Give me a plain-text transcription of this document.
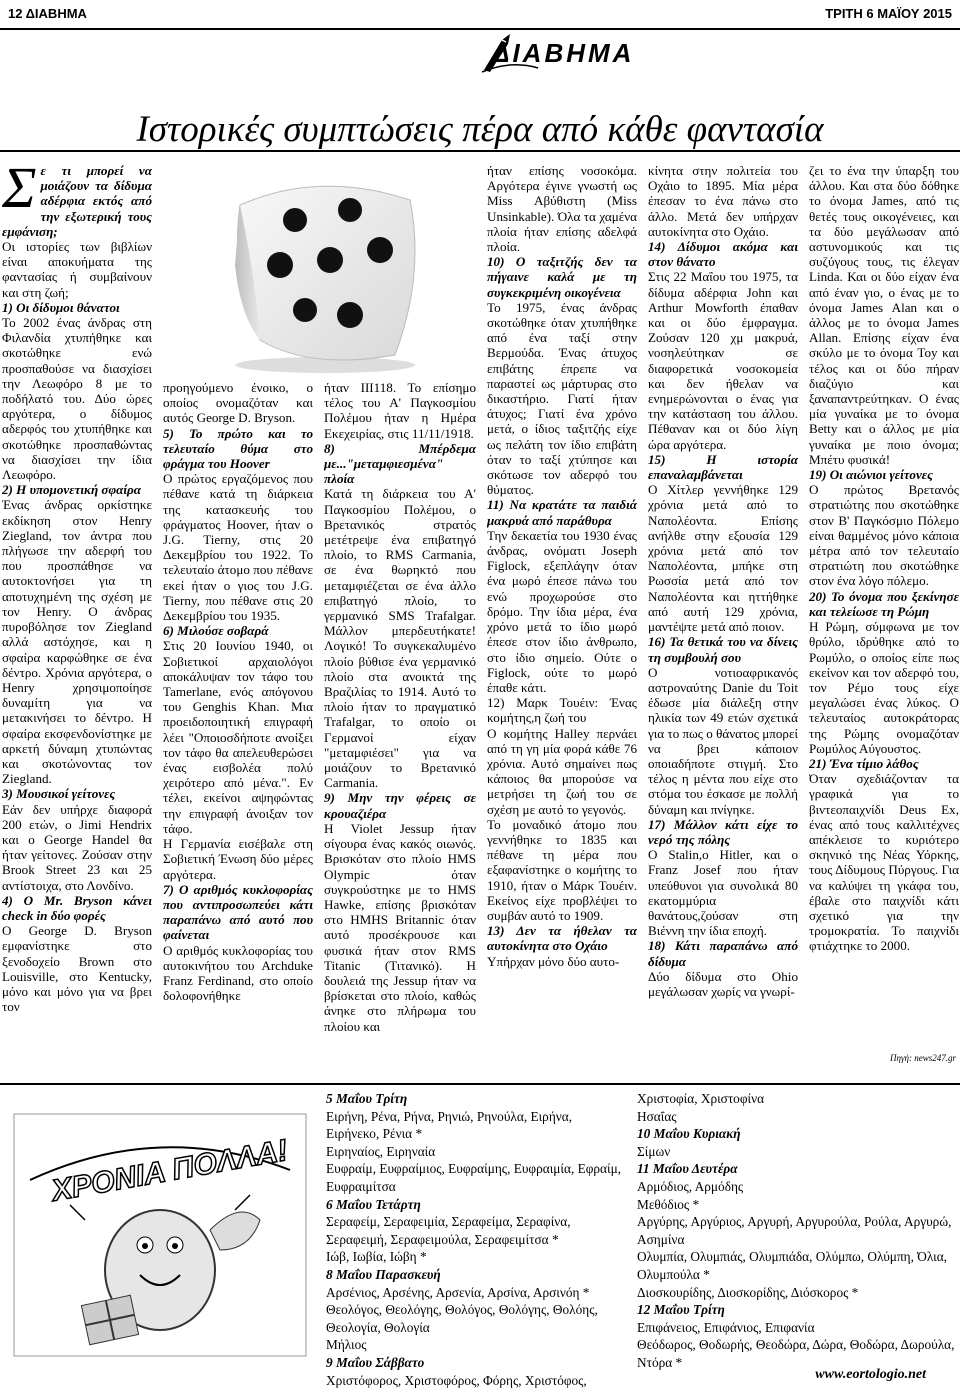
12 ΔΙΑΒΗΜΑ	ΤΡΙΤΗ 6 ΜΑΪΟΥ 2015
ΔΙΑΒΗΜΑ
Ιστορικές συμπτώσεις πέρα από κάθε φαντασία
Σ ε τι μπορεί να μοιάζουν τα δίδυμα αδέρφια εκτός από την εξωτερική τους εμφάνιση;

Οι ιστορίες των βιβλίων είναι αποκυήματα της φαντασίας ή συμβαίνουν και στη ζωή;

1) Οι δίδυμοι θάνατοι

Το 2002 ένας άνδρας στη Φιλανδία χτυπήθηκε και σκοτώθηκε ενώ προσπαθούσε να διασχίσει την Λεωφόρο 8 με το ποδήλατό του. Δύο ώρες αργότερα, ο δίδυμος αδερφός του χτυπήθηκε και σκοτώθηκε προσπαθώντας να διασχίσει την ίδια Λεωφόρο.

2) Η υπομονετική σφαίρα

Ένας άνδρας ορκίστηκε εκδίκηση στον Henry Ziegland, τον άντρα που πλήγωσε την αδερφή του που προσπάθησε να αυτοκτονήσει για τη αποτυχημένη της σχέση με τον Henry. Ο άνδρας πυροβόλησε τον Ziegland αλλά αστόχησε, και η σφαίρα καρφώθηκε σε ένα δέντρο. Χρόνια αργότερα, ο Henry χρησιμοποίησε δυναμίτη για να μετακινήσει το δέντρο. Η σφαίρα εκσφενδονίστηκε με αρκετή δύναμη χτυπώντας και σκοτώνοντας τον Ziegland.

3) Μουσικοί γείτονες

Εάν δεν υπήρχε διαφορά 200 ετών, ο Jimi Hendrix και ο George Handel θα ήταν γείτονες. Ζούσαν στην Brook Street 23 και 25 αντίστοιχα, στο Λονδίνο.

4) Ο Mr. Bryson κάνει check in δύο φορές

Ο George D. Bryson εμφανίστηκε στο ξενοδοχείο Brown στο Louisville, στο Kentucky, μόνο και μόνο για να βρει τον

προηγούμενο ένοικο, ο οποίος ονομαζόταν και αυτός George D. Bryson.

5) Το πρώτο και το τελευταίο θύμα στο φράγμα του Hoover

Ο πρώτος εργαζόμενος που πέθανε κατά τη διάρκεια της κατασκευής του φράγματος Hoover, ήταν ο J.G. Tierny, στις 20 Δεκεμβρίου του 1922. Το τελευταίο άτομο που πέθανε εκεί ήταν ο γιος του J.G. Tierny, που πέθανε στις 20 Δεκεμβρίου του 1935.

6) Μιλούσε σοβαρά

Στις 20 Ιουνίου 1940, οι Σοβιετικοί αρχαιολόγοι αποκάλυψαν τον τάφο του Tamerlane, ενός απόγονου του Genghis Khan. Μια προειδοποιητική επιγραφή λέει "Οποιοσδήποτε ανοίξει τον τάφο θα απελευθερώσει ένας εισβολέα πολύ χειρότερο από μένα.". Εν τέλει, εκείνοι αψηφώντας την επιγραφή άνοιξαν τον τάφο.

Η Γερμανία εισέβαλε στη Σοβιετική Ένωση δύο μέρες αργότερα.

7) Ο αριθμός κυκλοφορίας που αντιπροσωπεύει κάτι παραπάνω από αυτό που φαίνεται

Ο αριθμός κυκλοφορίας του αυτοκινήτου του Archduke Franz Ferdinand, στο οποίο δολοφονήθηκε

ήταν ΙΙΙ118. Το επίσημο τέλος του Α' Παγκοσμίου Πολέμου ήταν η Ημέρα Εκεχειρίας, στις 11/11/1918.

8) Μπέρδεμα με..."μεταμφιεσμένα" πλοία

Κατά τη διάρκεια του Α' Παγκοσμίου Πολέμου, ο Βρετανικός στρατός μετέτρεψε ένα επιβατηγό πλοίο, το RMS Carmania, σε ένα θωρηκτό που μεταμφιέζεται σε ένα άλλο επιβατηγό πλοίο, το γερμανικό SMS Trafalgar. Μάλλον μπερδευτήκατε! Λογικό! Το συγκεκαλυμένο πλοίο βύθισε ένα γερμανικό πλοίο στα ανοικτά της Βραζιλίας το 1914. Αυτό το πλοίο ήταν το πραγματικό Trafalgar, το οποίο οι Γερμανοί είχαν "μεταμφιέσει" για να μοιάζουν το Βρετανικό Carmania.

9) Μην την φέρεις σε κρουαζιέρα

Η Violet Jessup ήταν σίγουρα ένας κακός οιωνός. Βρισκόταν στο πλοίο HMS Olympic όταν συγκρούστηκε με το HMS Hawke, επίσης βρισκόταν στο HMHS Britannic όταν αυτό προσέκρουσε και φυσικά ήταν στον RMS Titanic (Τιτανικό). Η δουλειά της Jessup ήταν να βρίσκεται στο πλοίο, καθώς άνηκε στο πλήρωμα του πλοίου και

ήταν επίσης νοσοκόμα. Αργότερα έγινε γνωστή ως Miss Αβύθιστη (Miss Unsinkable). Όλα τα χαμένα πλοία ήταν επίσης αδελφά πλοία.

10) Ο ταξιτζής δεν τα πήγαινε καλά με τη συγκεκριμένη οικογένεια

Το 1975, ένας άνδρας σκοτώθηκε όταν χτυπήθηκε από ένα ταξί στην Βερμούδα. Ένας άτυχος επιβάτης έπρεπε να παραστεί ως μάρτυρας στο δικαστήριο. Γιατί ήταν άτυχος; Γιατί ένα χρόνο μετά, ο ίδιος ταξιτζής είχε ως πελάτη τον ίδιο επιβάτη όταν το ταξί χτύπησε και σκότωσε τον αδερφό του θύματος.

11) Να κρατάτε τα παιδιά μακρυά από παράθυρα

Την δεκαετία του 1930 ένας άνδρας, ονόματι Joseph Figlock, εξεπλάγην όταν ένα μωρό έπεσε πάνω του ενώ προχωρούσε στο δρόμο. Την ίδια μέρα, ένα χρόνο μετά το ίδιο μωρό έπεσε στον ίδιο άνθρωπο, στο ίδιο σημείο. Ούτε ο Figlock, ούτε το μωρό έπαθε κάτι.

12) Μαρκ Τουέιν: Ένας κομήτης,η ζωή του

Ο κομήτης Halley περνάει από τη γη μία φορά κάθε 76 χρόνια. Αυτό σημαίνει πως κάποιος θα μπορούσε να μετρήσει τη ζωή του σε σχέση με αυτό το γεγονός.

Το μοναδικό άτομο που γεννήθηκε το 1835 και πέθανε τη μέρα που εξαφανίστηκε ο κομήτης το 1910, ήταν ο Μάρκ Τουέιν. Εκείνος είχε προβλέψει το συμβάν αυτό το 1909.

13) Δεν τα ήθελαν τα αυτοκίνητα στο Οχάιο

Υπήρχαν μόνο δύο αυτο-

κίνητα στην πολιτεία του Οχάιο to 1895. Μία μέρα έπεσαν το ένα πάνω στο άλλο. Μετά δεν υπήρχαν αυτοκίνητα στο Οχάιο.

14) Δίδυμοι ακόμα και στον θάνατο

Στις 22 Μαΐου του 1975, τα δίδυμα αδέρφια John και Arthur Mowforth έπαθαν και οι δύο έμφραγμα. Ζούσαν 120 χμ μακρυά, νοσηλεύτηκαν σε διαφορετικά νοσοκομεία και δεν ήθελαν να ενημερώνονται ο ένας για την κατάσταση του άλλου. Πέθαναν και οι δύο λίγη ώρα αργότερα.

15) Η ιστορία επαναλαμβάνεται

Ο Χίτλερ γεννήθηκε 129 χρόνια μετά από το Ναπολέοντα. Επίσης ανήλθε στην εξουσία 129 χρόνια μετά από τον Ναπολέοντα, μπήκε στη Ρωσσία μετά από τον Ναπολέοντα και ηττήθηκε από αυτή 129 χρόνια, μαντέψτε μετά από ποιον.

16) Τα θετικά του να δίνεις τη συμβουλή σου

Ο νοτιοαφρικανός αστροναύτης Danie du Toit έδωσε μία διάλεξη στην ηλικία των 49 ετών σχετικά για το πως ο θάνατος μπορεί να βρει κάποιον οποιαδήποτε στιγμή. Στο τέλος η μέντα που είχε στο στόμα του έσκασε με πολλή δύναμη και πνίγηκε.

17) Μάλλον κάτι είχε το νερό της πόλης

Ο Stalin,ο Hitler, και ο Franz Josef που ήταν υπεύθυνοι για συνολικά 80 εκατομμύρια θανάτους,ζούσαν στη Βιέννη την ίδια εποχή.

18) Κάτι παραπάνω από δίδυμα

Δύο δίδυμα στο Ohio μεγάλωσαν χωρίς να γνωρί-

ζει το ένα την ύπαρξη του άλλου. Και στα δύο δόθηκε το όνομα James, από τις θετές τους οικογένειες, και τα δύο μεγάλωσαν από αστυνομικούς και τις συζύγους τους, τις έλεγαν Linda. Και οι δύο είχαν ένα από έναν γιο, ο ένας με το όνομα James Alan και ο άλλος με το όνομα James Allan. Επίσης είχαν ένα σκύλο με το όνομα Toy και τέλος και οι δύο πήραν διαζύγιο και ξαναπαντρεύτηκαν. Ο ένας μία γυναίκα με το όνομα Betty και ο άλλος με μία γυναίκα με ποιο όνομα; Μπέτυ φυσικά!

19) Οι αιώνιοι γείτονες

Ο πρώτος Βρετανός στρατιώτης που σκοτώθηκε στον Β' Παγκόσμιο Πόλεμο είναι θαμμένος μόνο κάποια μέτρα από τον τελευταίο στρατιώτη που σκοτώθηκε στον ένα λόγο πόλεμο.

20) Το όνομα που ξεκίνησε και τελείωσε τη Ρώμη

Η Ρώμη, σύμφωνα με τον θρύλο, ιδρύθηκε από το Ρωμύλο, ο οποίος είπε πως εκείνον και τον αδερφό του, τον Ρέμο τους είχε μεγαλώσει ένας λύκος. Ο τελευταίος αυτοκράτορας της Ρώμης ονομαζόταν Ρωμύλος Αύγουστος.

21) Ένα τίμιο λάθος

Όταν σχεδιάζονταν τα γραφικά για το βιντεοπαιχνίδι Deus Ex, ένας από τους καλλιτέχνες απέκλεισε το κυριότερο σκηνικό της Νέας Υόρκης, τους Δίδυμους Πύργους. Για να καλύψει τη γκάφα του, έβαλε στο παιχνίδι κάτι σχετικό για την τρομοκρατία. Το παιχνίδι φτιάχτηκε το 2000.

Πηγή: news247.gr
ΧΡΟΝΙΑ ΠΟΛΛΑ!

5 Μαΐου Τρίτη

Ειρήνη, Ρένα, Ρήνα, Ρηνιώ, Ρηνούλα, Ειρήνα, Ειρήνεκο, Ρένια *

Ειρηναίος, Ειρηναία

Ευφραίμ, Ευφραίμιος, Ευφραίμης, Ευφραιμία, Εφραίμ, Ευφραιμίτσα

6 Μαΐου Τετάρτη

Σεραφείμ, Σεραφειμία, Σεραφείμα, Σεραφίνα, Σεραφειμή, Σεραφειμούλα, Σεραφειμίτσα *

Ιώβ, Ιωβία, Ιώβη *

8 Μαΐου Παρασκευή

Αρσένιος, Αρσένης, Αρσενία, Αρσίνα, Αρσινόη *

Θεολόγος, Θεολόγης, Θολόγος, Θολόγης, Θολόης, Θεολογία, Θολογία

Μήλιος

9 Μαΐου Σάββατο

Χριστόφορος, Χριστοφόρος, Φόρης, Χριστόφος,

Χριστοφία, Χριστοφίνα

Ησαΐας

10 Μαΐου Κυριακή

Σίμων

11 Μαΐου Δευτέρα

Αρμόδιος, Αρμόδης

Μεθόδιος *

Αργύρης, Αργύριος, Αργυρή, Αργυρούλα, Ρούλα, Αργυρώ, Ασημίνα

Ολυμπία, Ολυμπιάς, Ολυμπιάδα, Ολύμπω, Ολύμπη, Όλια, Ολυμπούλα *

Διοσκουρίδης, Διοσκορίδης, Διόσκορος *

12 Μαΐου Τρίτη

Επιφάνειος, Επιφάνιος, Επιφανία

Θεόδωρος, Θοδωρής, Θεοδώρα, Δώρα, Θοδώρα, Δωρούλα, Ντόρα *

www.eortologio.net
